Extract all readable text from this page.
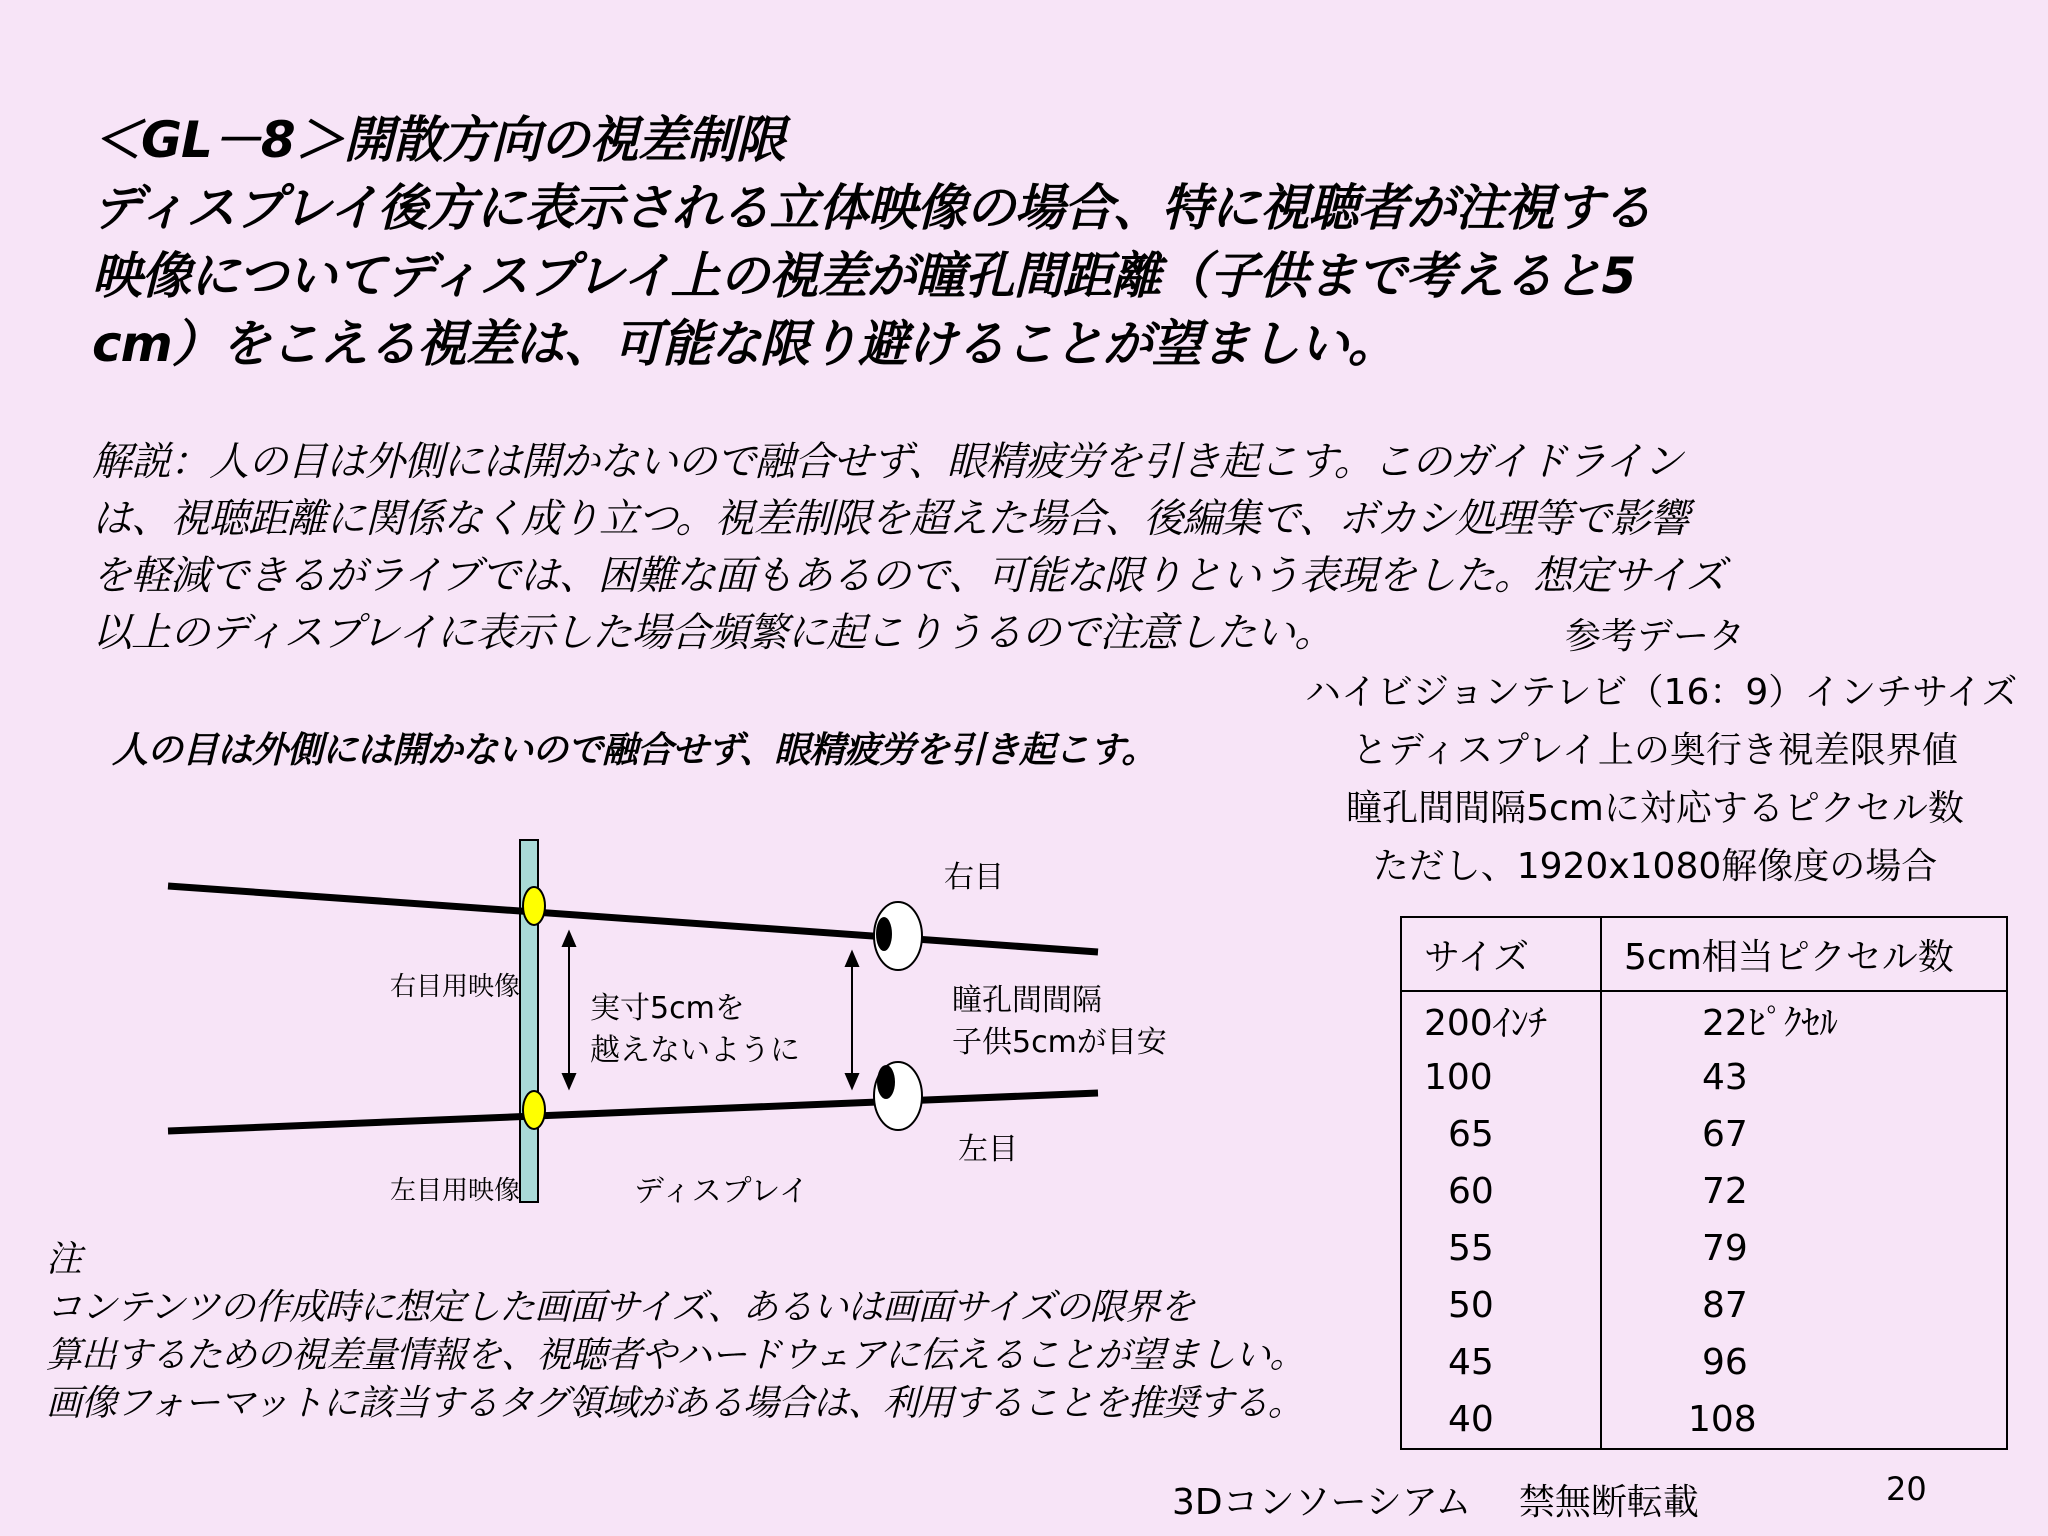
＜GL－8＞開散方向の視差制限
ディスプレイ後方に表示される立体映像の場合、特に視聴者が注視する
映像についてディスプレイ上の視差が瞳孔間距離（子供まで考えると5
cm）をこえる視差は、可能な限り避けることが望ましい。
解説：人の目は外側には開かないので融合せず、眼精疲労を引き起こす。このガイドライン
は、視聴距離に関係なく成り立つ。視差制限を超えた場合、後編集で、ボカシ処理等で影響
を軽減できるがライブでは、困難な面もあるので、可能な限りという表現をした。想定サイズ
以上のディスプレイに表示した場合頻繁に起こりうるので注意したい。
人の目は外側には開かないので融合せず、眼精疲労を引き起こす。
右目
左目
右目用映像
左目用映像
実寸5cmを
越えないように
瞳孔間間隔
子供5cmが目安
ディスプレイ
参考データ
ハイビジョンテレビ（16：9）インチサイズ
とディスプレイ上の奥行き視差限界値
瞳孔間間隔5cmに対応するピクセル数
ただし、1920x1080解像度の場合
サイズ	5cm相当ピクセル数
200ｲﾝﾁ	22ﾋﾟｸｾﾙ
100	43
65	67
60	72
55	79
50	87
45	96
40	108
注
コンテンツの作成時に想定した画面サイズ、あるいは画面サイズの限界を
算出するための視差量情報を、視聴者やハードウェアに伝えることが望ましい。
画像フォーマットに該当するタグ領域がある場合は、利用することを推奨する。
3Dコンソーシアム　 禁無断転載	20
